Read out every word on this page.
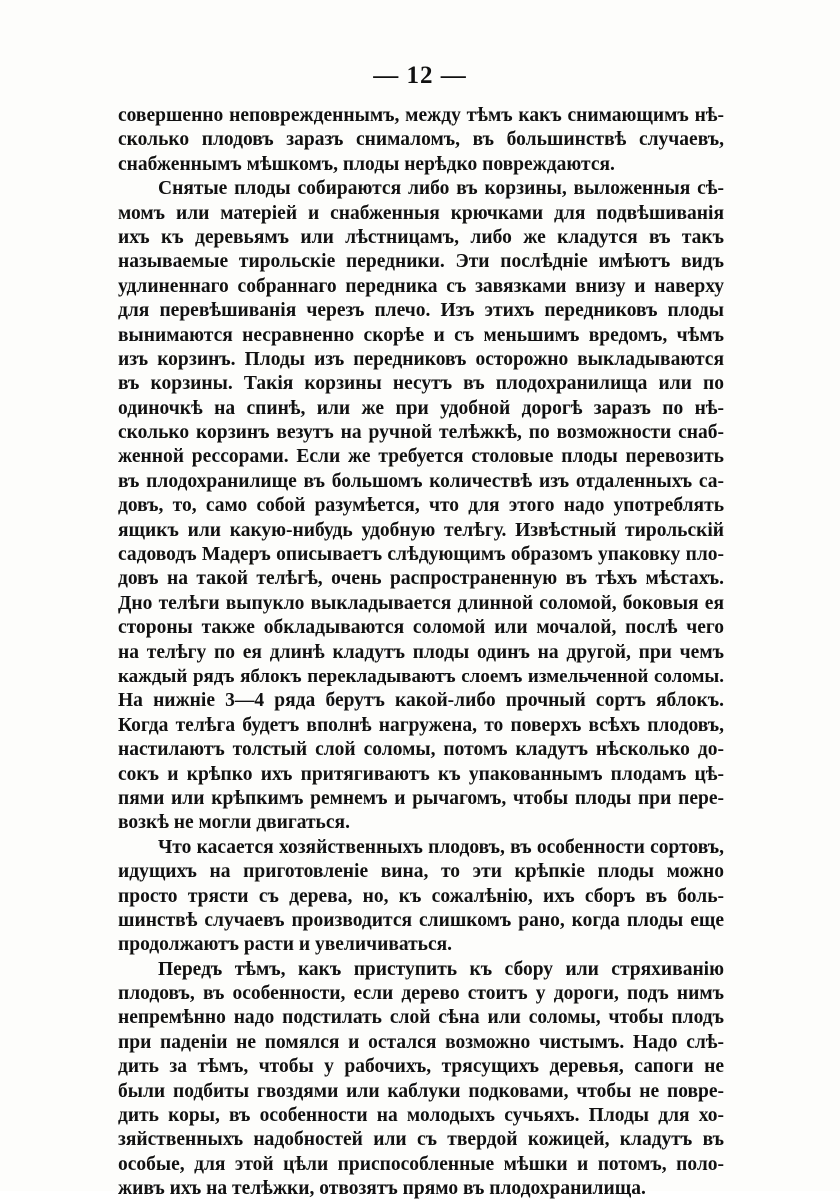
— 12 —
совершенно неповрежденнымъ, между тѣмъ какъ снимающимъ нѣ-
сколько плодовъ заразъ снималомъ, въ большинствѣ случаевъ,
снабженнымъ мѣшкомъ, плоды нерѣдко повреждаются.
Снятые плоды собираются либо въ корзины, выложенныя сѣ-
момъ или матеріей и снабженныя крючками для подвѣшиванія
ихъ къ деревьямъ или лѣстницамъ, либо же кладутся въ такъ
называемые тирольскіе передники. Эти послѣдніе имѣютъ видъ
удлиненнаго собраннаго передника съ завязками внизу и наверху
для перевѣшиванія черезъ плечо. Изъ этихъ передниковъ плоды
вынимаются несравненно скорѣе и съ меньшимъ вредомъ, чѣмъ
изъ корзинъ. Плоды изъ передниковъ осторожно выкладываются
въ корзины. Такія корзины несутъ въ плодохранилища или по
одиночкѣ на спинѣ, или же при удобной дорогѣ заразъ по нѣ-
сколько корзинъ везутъ на ручной телѣжкѣ, по возможности снаб-
женной рессорами. Если же требуется столовые плоды перевозить
въ плодохранилище въ большомъ количествѣ изъ отдаленныхъ са-
довъ, то, само собой разумѣется, что для этого надо употреблять
ящикъ или какую-нибудь удобную телѣгу. Извѣстный тирольскій
садоводъ Мадеръ описываетъ слѣдующимъ образомъ упаковку пло-
довъ на такой телѣгѣ, очень распространенную въ тѣхъ мѣстахъ.
Дно телѣги выпукло выкладывается длинной соломой, боковыя ея
стороны также обкладываются соломой или мочалой, послѣ чего
на телѣгу по ея длинѣ кладутъ плоды одинъ на другой, при чемъ
каждый рядъ яблокъ перекладываютъ слоемъ измельченной соломы.
На нижніе 3—4 ряда берутъ какой-либо прочный сортъ яблокъ.
Когда телѣга будетъ вполнѣ нагружена, то поверхъ всѣхъ плодовъ,
настилаютъ толстый слой соломы, потомъ кладутъ нѣсколько до-
сокъ и крѣпко ихъ притягиваютъ къ упакованнымъ плодамъ цѣ-
пями или крѣпкимъ ремнемъ и рычагомъ, чтобы плоды при пере-
возкѣ не могли двигаться.
Что касается хозяйственныхъ плодовъ, въ особенности сортовъ,
идущихъ на приготовленіе вина, то эти крѣпкіе плоды можно
просто трясти съ дерева, но, къ сожалѣнію, ихъ сборъ въ боль-
шинствѣ случаевъ производится слишкомъ рано, когда плоды еще
продолжаютъ расти и увеличиваться.
Передъ тѣмъ, какъ приступить къ сбору или стряхиванію
плодовъ, въ особенности, если дерево стоитъ у дороги, подъ нимъ
непремѣнно надо подстилать слой сѣна или соломы, чтобы плодъ
при паденіи не помялся и остался возможно чистымъ. Надо слѣ-
дить за тѣмъ, чтобы у рабочихъ, трясущихъ деревья, сапоги не
были подбиты гвоздями или каблуки подковами, чтобы не повре-
дить коры, въ особенности на молодыхъ сучьяхъ. Плоды для хо-
зяйственныхъ надобностей или съ твердой кожицей, кладутъ въ
особые, для этой цѣли приспособленные мѣшки и потомъ, поло-
живъ ихъ на телѣжки, отвозятъ прямо въ плодохранилища.
